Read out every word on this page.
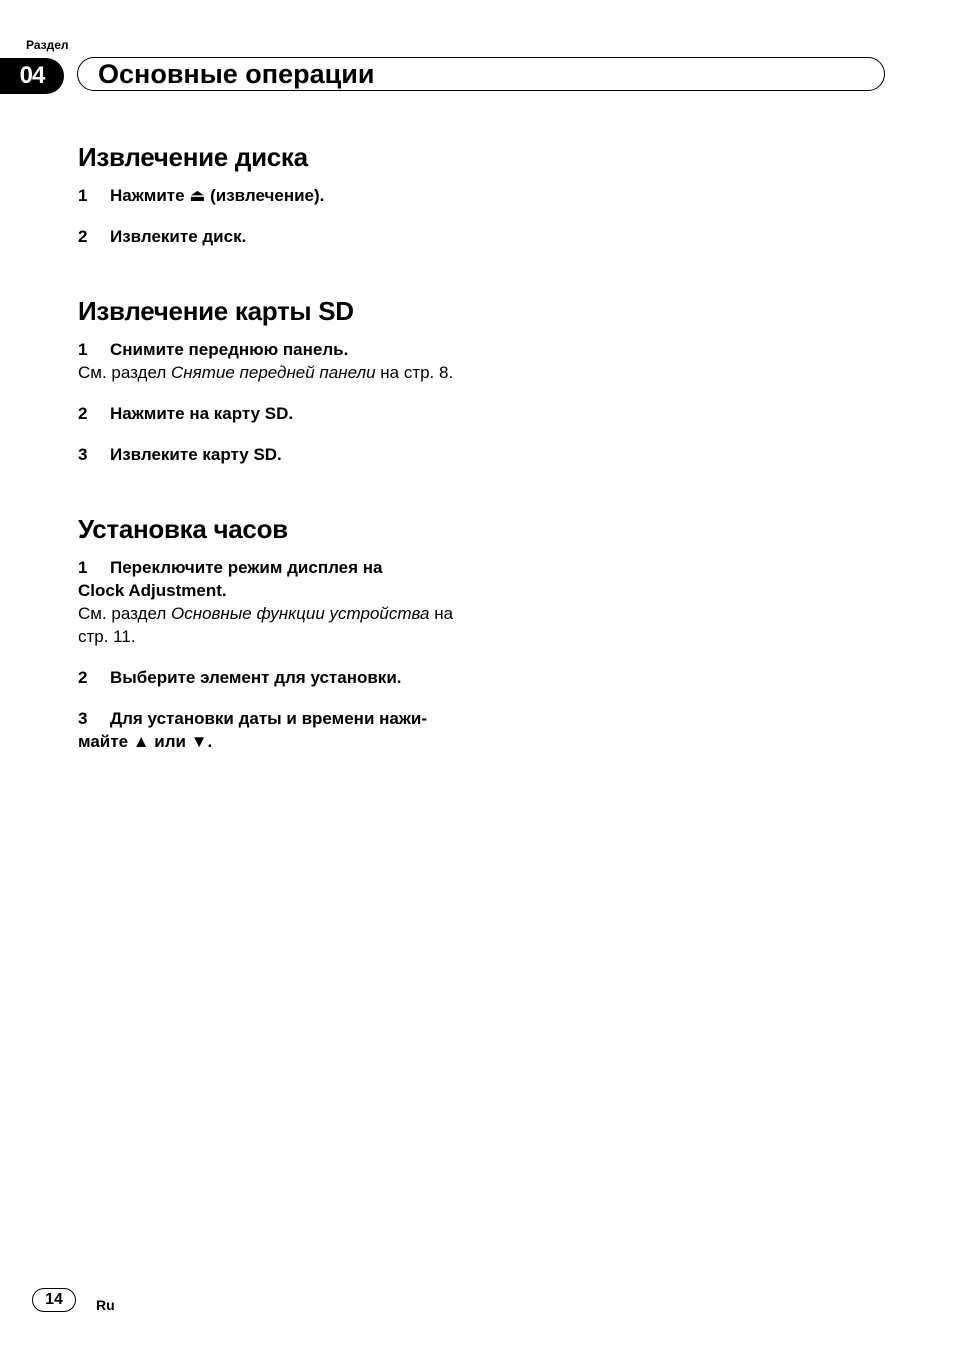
Раздел
04	Основные операции
Извлечение диска

1 Нажмите ⏏ (извлечение).

2 Извлеките диск.

Извлечение карты SD

1 Снимите переднюю панель.

См. раздел Снятие передней панели на стр. 8.

2 Нажмите на карту SD.

3 Извлеките карту SD.

Установка часов

1 Переключите режим дисплея на

Clock Adjustment.

См. раздел Основные функции устройства на стр. 11.

2 Выберите элемент для установки.

3 Для установки даты и времени нажи-

майте ▲ или ▼.

14	Ru
